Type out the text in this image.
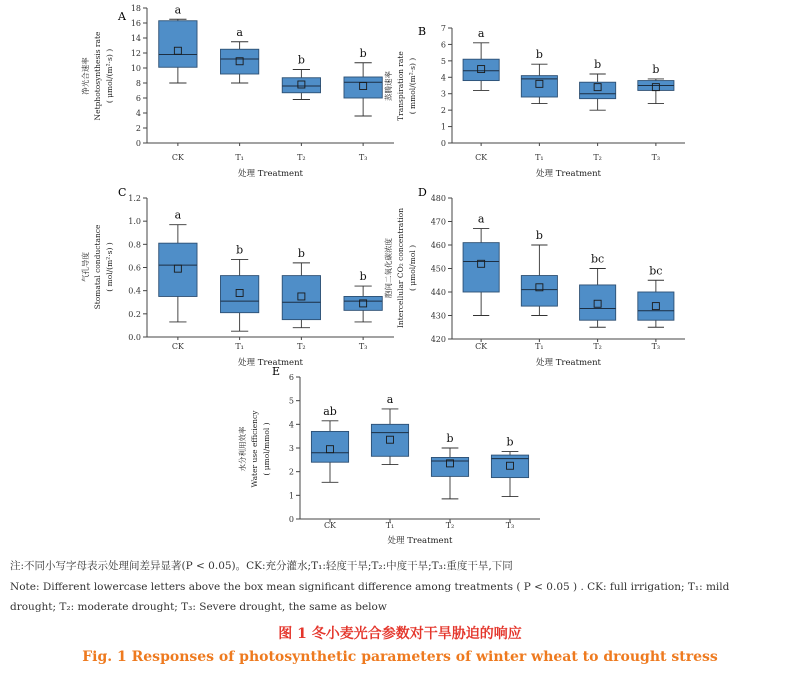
A
0
2
4
6
8
10
12
14
16
18
CK	T₁	T₂	T₃
处理 Treatment
净光合速率 Netphotosynthesis rate ( μmol/(m²·s) )
a
a
b
b
B
0
1
2
3
4
5
6
7
CK	T₁	T₂	T₃
处理 Treatment
蒸腾速率 Transpiration rate ( mmol/(m²·s) )
a
b
b	b
C
0.0
0.2
0.4
0.6
0.8
1.0
1.2
CK	T₁	T₂	T₃
处理 Treatment
气孔导度 Stomatal conductance ( mol/(m²·s) )
a
b	b
b
D
420
430
440
450
460
470
480
CK	T₁	T₂	T₃
处理 Treatment
胞间二氧化碳浓度 Intercellular CO₂ concentration ( μmol/mol )
a
b
bc
bc
E
0
1
2
3
4
5
6
CK	T₁	T₂	T₃
处理 Treatment
水分利用效率 Water use efficiency ( μmol/mmol )
ab
a
b	b
注:不同小写字母表示处理间差异显著(P < 0.05)。CK:充分灌水;T₁:轻度干旱;T₂:中度干旱;T₃:重度干旱,下同
Note: Different lowercase letters above the box mean significant difference among treatments ( P < 0.05 ) . CK: full irrigation; T₁: mild
drought; T₂: moderate drought; T₃: Severe drought, the same as below
图 1 冬小麦光合参数对干旱胁迫的响应
Fig. 1 Responses of photosynthetic parameters of winter wheat to drought stress
